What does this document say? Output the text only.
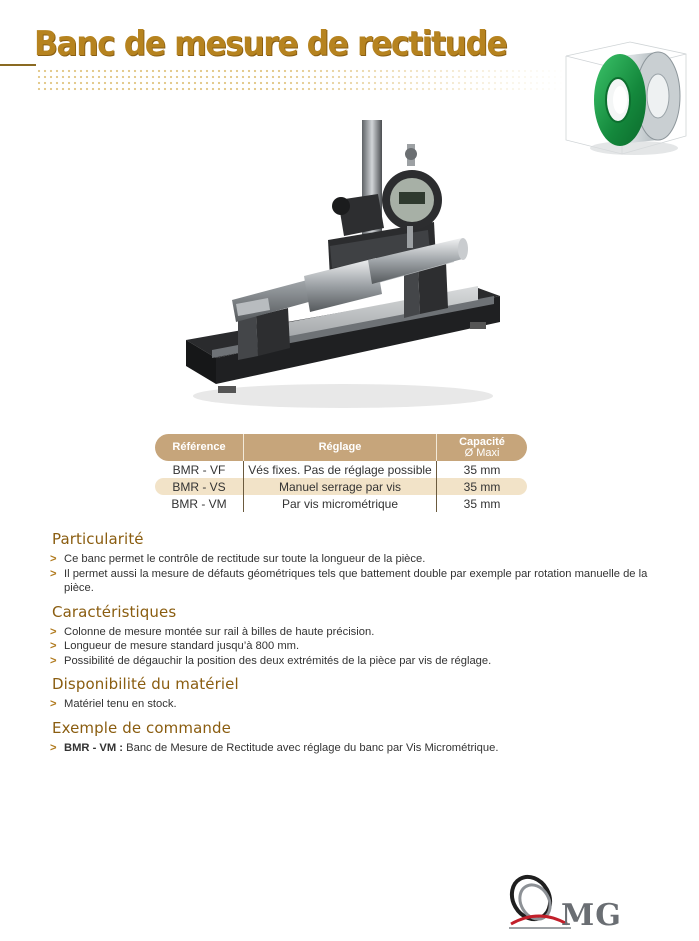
Banc de mesure de rectitude
Référence	Réglage	Capacité
Ø Maxi

BMR - VF	Vés fixes. Pas de réglage possible	35 mm
BMR - VS	Manuel serrage par vis	35 mm
BMR - VM	Par vis micrométrique	35 mm
Particularité
> Ce banc permet le contrôle de rectitude sur toute la longueur de la pièce.
> Il permet aussi la mesure de défauts géométriques tels que battement double par exemple par rotation manuelle de la pièce.
Caractéristiques
> Colonne de mesure montée sur rail à billes de haute précision.
> Longueur de mesure standard jusqu’à 800 mm.
> Possibilité de dégauchir la position des deux extrémités de la pièce par vis de réglage.
Disponibilité du matériel
> Matériel tenu en stock.
Exemple de commande
> BMR - VM : Banc de Mesure de Rectitude avec réglage du banc par Vis Micrométrique.
MG
